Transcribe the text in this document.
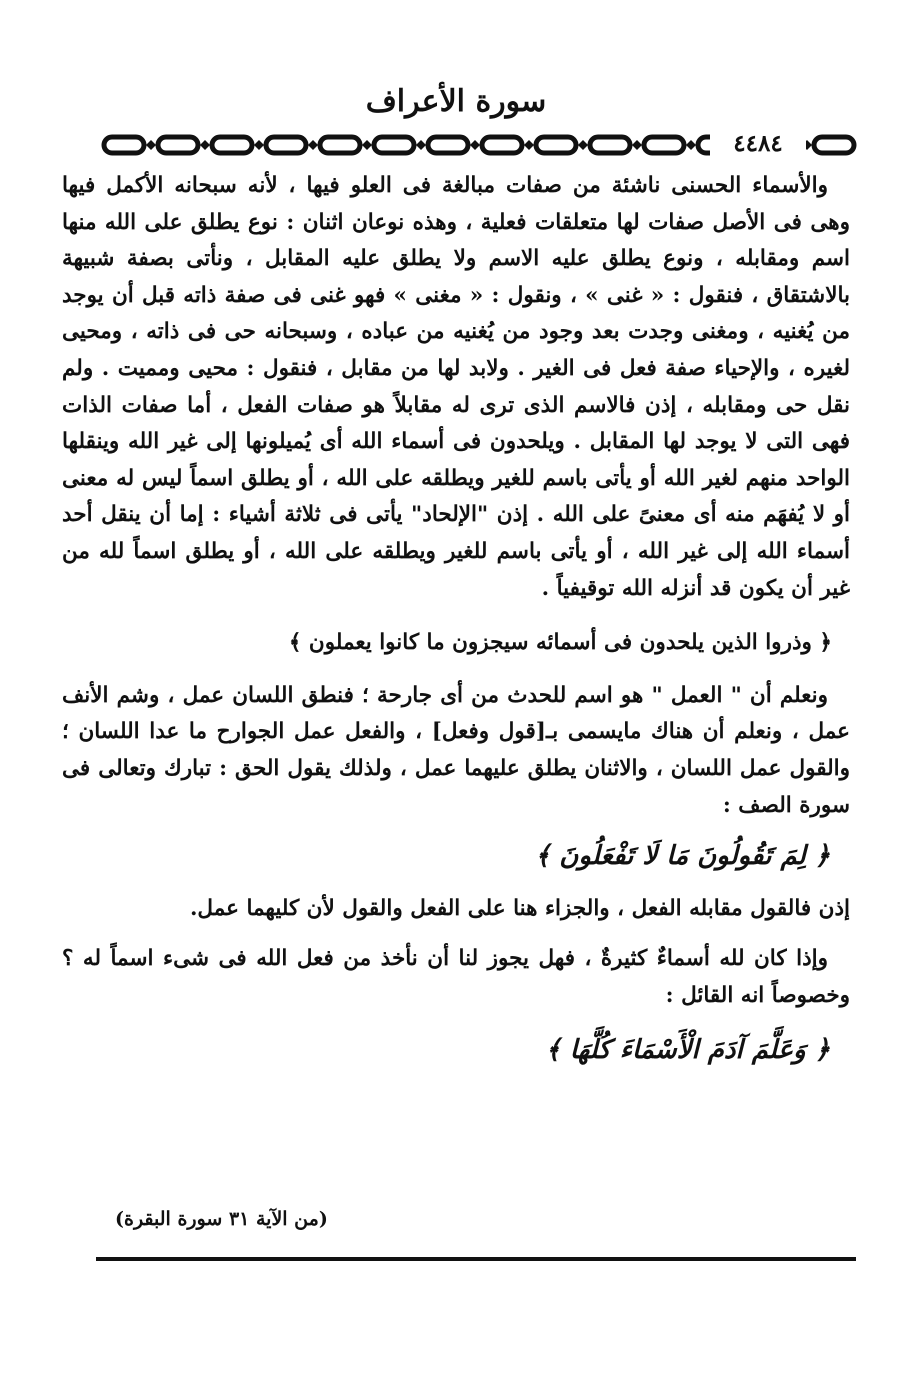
سورة الأعراف
٤٤٨٤

والأسماء الحسنى ناشئة من صفات مبالغة فى العلو فيها ، لأنه سبحانه الأكمل فيها وهى فى الأصل صفات لها متعلقات فعلية ، وهذه نوعان اثنان : نوع يطلق على الله منها اسم ومقابله ، ونوع يطلق عليه الاسم ولا يطلق عليه المقابل ، ونأتى بصفة شبيهة بالاشتقاق ، فنقول : « غنى » ، ونقول : « مغنى » فهو غنى فى صفة ذاته قبل أن يوجد من يُغنيه ، ومغنى وجدت بعد وجود من يُغنيه من عباده ، وسبحانه حى فى ذاته ، ومحيى لغيره ، والإحياء صفة فعل فى الغير . ولابد لها من مقابل ، فنقول : محيى ومميت . ولم نقل حى ومقابله ، إذن فالاسم الذى ترى له مقابلاً هو صفات الفعل ، أما صفات الذات فهى التى لا يوجد لها المقابل . ويلحدون فى أسماء الله أى يُميلونها إلى غير الله وينقلها الواحد منهم لغير الله أو يأتى باسم للغير ويطلقه على الله ، أو يطلق اسماً ليس له معنى أو لا يُفهَم منه أى معنىً على الله . إذن "الإلحاد" يأتى فى ثلاثة أشياء : إما أن ينقل أحد أسماء الله إلى غير الله ، أو يأتى باسم للغير ويطلقه على الله ، أو يطلق اسماً لله من غير أن يكون قد أنزله الله توقيفياً .

﴿ وذروا الذين يلحدون فى أسمائه سيجزون ما كانوا يعملون ﴾

ونعلم أن " العمل " هو اسم للحدث من أى جارحة ؛ فنطق اللسان عمل ، وشم الأنف عمل ، ونعلم أن هناك مايسمى بـ[قول وفعل] ، والفعل عمل الجوارح ما عدا اللسان ؛ والقول عمل اللسان ، والاثنان يطلق عليهما عمل ، ولذلك يقول الحق : تبارك وتعالى فى سورة الصف :

﴿ لِمَ تَقُولُونَ مَا لَا تَفْعَلُونَ ﴾

إذن فالقول مقابله الفعل ، والجزاء هنا على الفعل والقول لأن كليهما عمل.

وإذا كان لله أسماءٌ كثيرةٌ ، فهل يجوز لنا أن نأخذ من فعل الله فى شىء اسماً له ؟ وخصوصاً انه القائل :

﴿ وَعَلَّمَ آدَمَ الْأَسْمَاءَ كُلَّهَا ﴾

(من الآية ٣١ سورة البقرة)
